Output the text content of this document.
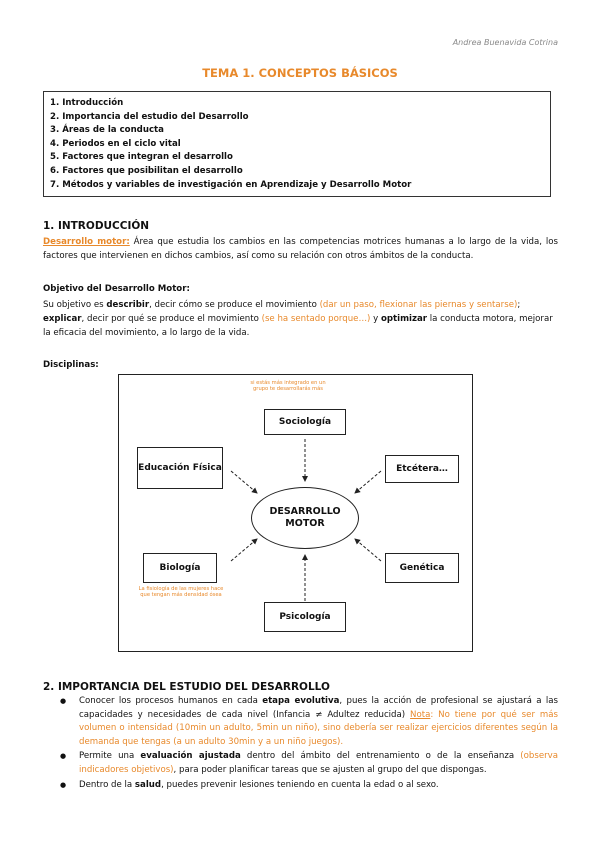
Andrea Buenavida Cotrina
TEMA 1. CONCEPTOS BÁSICOS
1. Introducción
2. Importancia del estudio del Desarrollo
3. Áreas de la conducta
4. Periodos en el ciclo vital
5. Factores que integran el desarrollo
6. Factores que posibilitan el desarrollo
7. Métodos y variables de investigación en Aprendizaje y Desarrollo Motor
1. INTRODUCCIÓN
Desarrollo motor: Área que estudia los cambios en las competencias motrices humanas a lo largo de la vida, los factores que intervienen en dichos cambios, así como su relación con otros ámbitos de la conducta.
Objetivo del Desarrollo Motor:
Su objetivo es describir, decir cómo se produce el movimiento (dar un paso, flexionar las piernas y sentarse); explicar, decir por qué se produce el movimiento (se ha sentado porque…) y optimizar la conducta motora, mejorar la eficacia del movimiento, a lo largo de la vida.
Disciplinas:
si estás más integrado en un grupo te desarrollarás más
Sociología
Educación Física	Etcétera…
DESARROLLO MOTOR
Biología
La fisiología de las mujeres hace que tengan más densidad ósea
Genética
Psicología
2. IMPORTANCIA DEL ESTUDIO DEL DESARROLLO
● Conocer los procesos humanos en cada etapa evolutiva, pues la acción de profesional se ajustará a las capacidades y necesidades de cada nivel (Infancia ≠ Adultez reducida) Nota: No tiene por qué ser más volumen o intensidad (10min un adulto, 5min un niño), sino debería ser realizar ejercicios diferentes según la demanda que tengas (a un adulto 30min y a un niño juegos).
● Permite una evaluación ajustada dentro del ámbito del entrenamiento o de la enseñanza (observa indicadores objetivos), para poder planificar tareas que se ajusten al grupo del que dispongas.
● Dentro de la salud, puedes prevenir lesiones teniendo en cuenta la edad o al sexo.
